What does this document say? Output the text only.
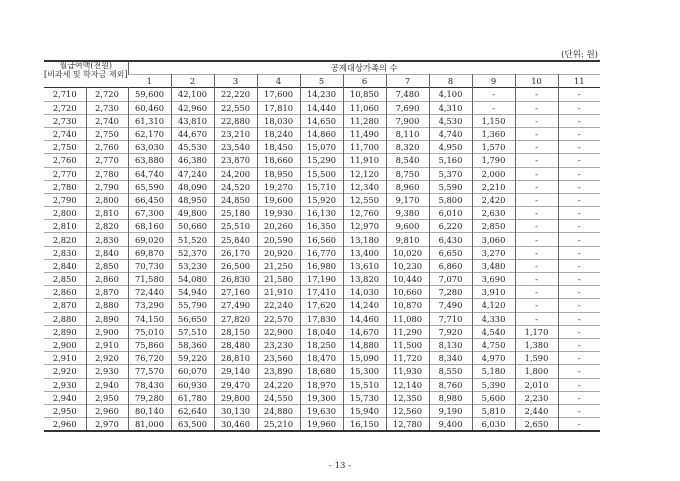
(단위: 원)
월급여액(천원)
[비과세 및 학자금 제외]		공제대상가족의 수										
		1	2	3	4	5	6	7	8	9	10	11
2,710	2,720	59,600	42,100	22,220	17,600	14,230	10,850	7,480	4,100	-	-	-
2,720	2,730	60,460	42,960	22,550	17,810	14,440	11,060	7,690	4,310	-	-	-
2,730	2,740	61,310	43,810	22,880	18,030	14,650	11,280	7,900	4,530	1,150	-	-
2,740	2,750	62,170	44,670	23,210	18,240	14,860	11,490	8,110	4,740	1,360	-	-
2,750	2,760	63,030	45,530	23,540	18,450	15,070	11,700	8,320	4,950	1,570	-	-
2,760	2,770	63,880	46,380	23,870	18,660	15,290	11,910	8,540	5,160	1,790	-	-
2,770	2,780	64,740	47,240	24,200	18,950	15,500	12,120	8,750	5,370	2,000	-	-
2,780	2,790	65,590	48,090	24,520	19,270	15,710	12,340	8,960	5,590	2,210	-	-
2,790	2,800	66,450	48,950	24,850	19,600	15,920	12,550	9,170	5,800	2,420	-	-
2,800	2,810	67,300	49,800	25,180	19,930	16,130	12,760	9,380	6,010	2,630	-	-
2,810	2,820	68,160	50,660	25,510	20,260	16,350	12,970	9,600	6,220	2,850	-	-
2,820	2,830	69,020	51,520	25,840	20,590	16,560	13,180	9,810	6,430	3,060	-	-
2,830	2,840	69,870	52,370	26,170	20,920	16,770	13,400	10,020	6,650	3,270	-	-
2,840	2,850	70,730	53,230	26,500	21,250	16,980	13,610	10,230	6,860	3,480	-	-
2,850	2,860	71,580	54,080	26,830	21,580	17,190	13,820	10,440	7,070	3,690	-	-
2,860	2,870	72,440	54,940	27,160	21,910	17,410	14,030	10,660	7,280	3,910	-	-
2,870	2,880	73,290	55,790	27,490	22,240	17,620	14,240	10,870	7,490	4,120	-	-
2,880	2,890	74,150	56,650	27,820	22,570	17,830	14,460	11,080	7,710	4,330	-	-
2,890	2,900	75,010	57,510	28,150	22,900	18,040	14,670	11,290	7,920	4,540	1,170	-
2,900	2,910	75,860	58,360	28,480	23,230	18,250	14,880	11,500	8,130	4,750	1,380	-
2,910	2,920	76,720	59,220	28,810	23,560	18,470	15,090	11,720	8,340	4,970	1,590	-
2,920	2,930	77,570	60,070	29,140	23,890	18,680	15,300	11,930	8,550	5,180	1,800	-
2,930	2,940	78,430	60,930	29,470	24,220	18,970	15,510	12,140	8,760	5,390	2,010	-
2,940	2,950	79,280	61,780	29,800	24,550	19,300	15,730	12,350	8,980	5,600	2,230	-
2,950	2,960	80,140	62,640	30,130	24,880	19,630	15,940	12,560	9,190	5,810	2,440	-
2,960	2,970	81,000	63,500	30,460	25,210	19,960	16,150	12,780	9,400	6,030	2,650	-
- 13 -
